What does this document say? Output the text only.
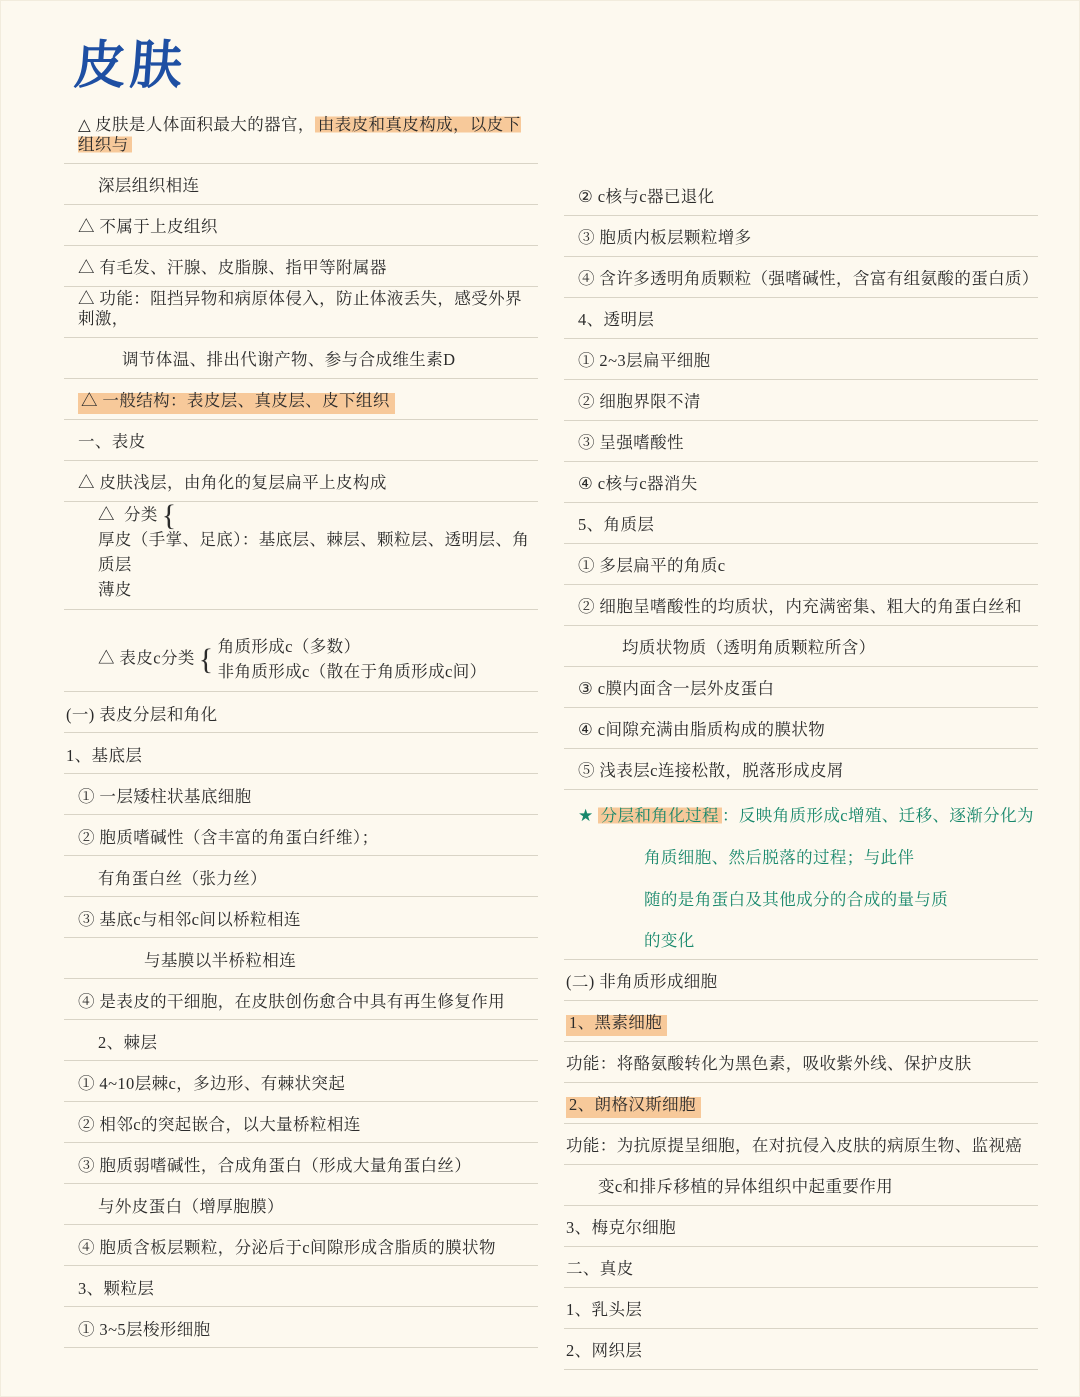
皮肤
△ 皮肤是人体面积最大的器官， 由表皮和真皮构成，以皮下组织与
深层组织相连
△ 不属于上皮组织
△ 有毛发、汗腺、皮脂腺、指甲等附属器
△ 功能：阻挡异物和病原体侵入，防止体液丢失，感受外界刺激，
调节体温、排出代谢产物、参与合成维生素D
△ 一般结构：表皮层、真皮层、皮下组织
一、表皮
△ 皮肤浅层，由角化的复层扁平上皮构成
△  分类 {
厚皮（手掌、足底）：基底层、棘层、颗粒层、透明层、角质层
薄皮
△ 表皮c分类 { 角质形成c（多数）
非角质形成c（散在于角质形成c间）
(一) 表皮分层和角化
1、基底层
① 一层矮柱状基底细胞
② 胞质嗜碱性（含丰富的角蛋白纤维）；
有角蛋白丝（张力丝）
③ 基底c与相邻c间以桥粒相连
与基膜以半桥粒相连
④ 是表皮的干细胞，在皮肤创伤愈合中具有再生修复作用
2、棘层
① 4~10层棘c，多边形、有棘状突起
② 相邻c的突起嵌合，以大量桥粒相连
③ 胞质弱嗜碱性，合成角蛋白（形成大量角蛋白丝）
与外皮蛋白（增厚胞膜）
④ 胞质含板层颗粒，分泌后于c间隙形成含脂质的膜状物
3、颗粒层
① 3~5层梭形细胞
② c核与c器已退化
③ 胞质内板层颗粒增多
④ 含许多透明角质颗粒（强嗜碱性，含富有组氨酸的蛋白质）
4、透明层
① 2~3层扁平细胞
② 细胞界限不清
③ 呈强嗜酸性
④ c核与c器消失
5、角质层
① 多层扁平的角质c
② 细胞呈嗜酸性的均质状，内充满密集、粗大的角蛋白丝和
均质状物质（透明角质颗粒所含）
③ c膜内面含一层外皮蛋白
④ c间隙充满由脂质构成的膜状物
⑤ 浅表层c连接松散，脱落形成皮屑
★ 分层和角化过程 ：反映角质形成c增殖、迁移、逐渐分化为
角质细胞、然后脱落的过程；与此伴
随的是角蛋白及其他成分的合成的量与质
的变化
(二) 非角质形成细胞
1、黑素细胞
功能：将酪氨酸转化为黑色素，吸收紫外线、保护皮肤
2、朗格汉斯细胞
功能：为抗原提呈细胞，在对抗侵入皮肤的病原生物、监视癌
变c和排斥移植的异体组织中起重要作用
3、梅克尔细胞
二、真皮
1、乳头层
2、网织层
